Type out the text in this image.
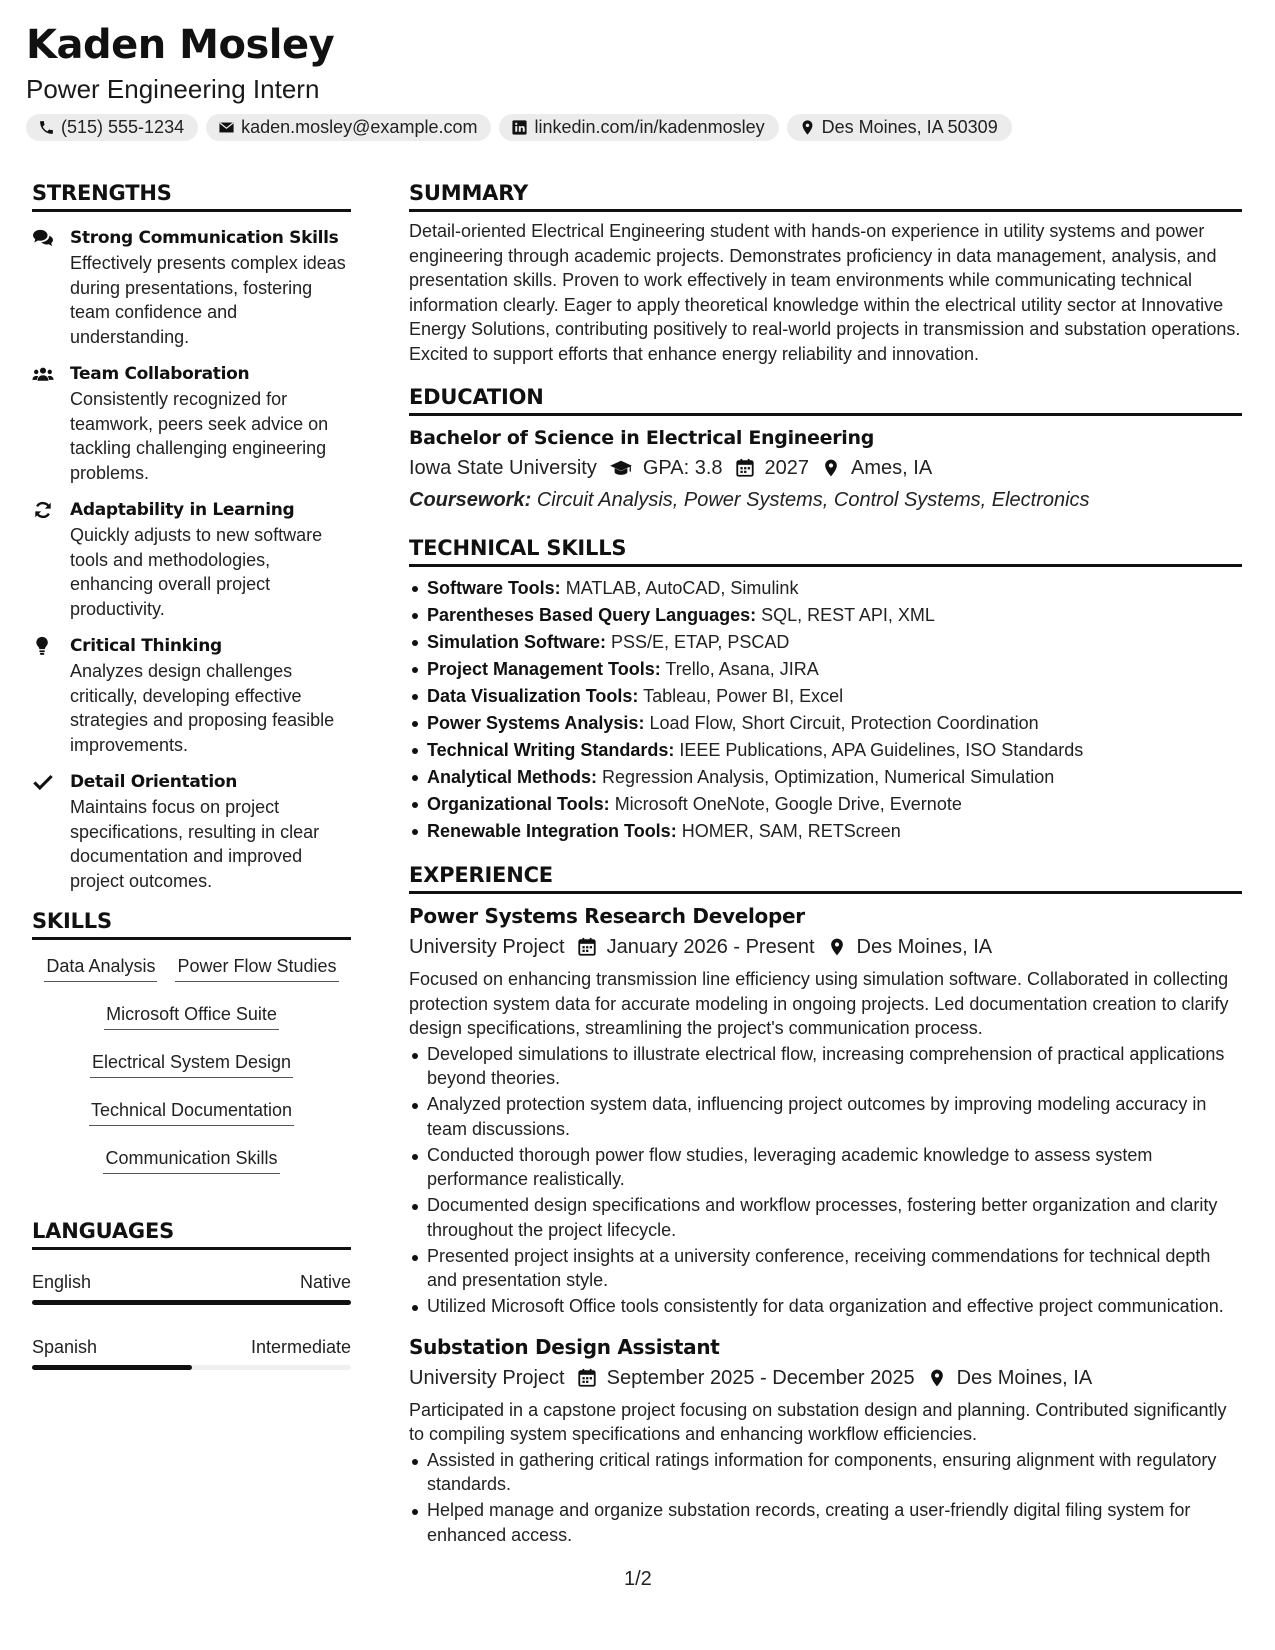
Kaden Mosley
Power Engineering Intern
(515) 555-1234	kaden.mosley@example.com	linkedin.com/in/kadenmosley	Des Moines, IA 50309
STRENGTHS
Strong Communication Skills
Effectively presents complex ideas during presentations, fostering team confidence and understanding.
Team Collaboration
Consistently recognized for teamwork, peers seek advice on tackling challenging engineering problems.
Adaptability in Learning
Quickly adjusts to new software tools and methodologies, enhancing overall project productivity.
Critical Thinking
Analyzes design challenges critically, developing effective strategies and proposing feasible improvements.
Detail Orientation
Maintains focus on project specifications, resulting in clear documentation and improved project outcomes.
SKILLS
Data Analysis Power Flow Studies
Microsoft Office Suite
Electrical System Design
Technical Documentation
Communication Skills
LANGUAGES
English	Native
Spanish	Intermediate
SUMMARY
Detail-oriented Electrical Engineering student with hands-on experience in utility systems and power engineering through academic projects. Demonstrates proficiency in data management, analysis, and presentation skills. Proven to work effectively in team environments while communicating technical information clearly. Eager to apply theoretical knowledge within the electrical utility sector at Innovative Energy Solutions, contributing positively to real-world projects in transmission and substation operations. Excited to support efforts that enhance energy reliability and innovation.
EDUCATION
Bachelor of Science in Electrical Engineering
Iowa State University GPA: 3.8 2027 Ames, IA
Coursework: Circuit Analysis, Power Systems, Control Systems, Electronics
TECHNICAL SKILLS
Software Tools: MATLAB, AutoCAD, Simulink
Parentheses Based Query Languages: SQL, REST API, XML
Simulation Software: PSS/E, ETAP, PSCAD
Project Management Tools: Trello, Asana, JIRA
Data Visualization Tools: Tableau, Power BI, Excel
Power Systems Analysis: Load Flow, Short Circuit, Protection Coordination
Technical Writing Standards: IEEE Publications, APA Guidelines, ISO Standards
Analytical Methods: Regression Analysis, Optimization, Numerical Simulation
Organizational Tools: Microsoft OneNote, Google Drive, Evernote
Renewable Integration Tools: HOMER, SAM, RETScreen
EXPERIENCE
Power Systems Research Developer
University Project January 2026 - Present Des Moines, IA
Focused on enhancing transmission line efficiency using simulation software. Collaborated in collecting protection system data for accurate modeling in ongoing projects. Led documentation creation to clarify design specifications, streamlining the project's communication process.
Developed simulations to illustrate electrical flow, increasing comprehension of practical applications beyond theories.
Analyzed protection system data, influencing project outcomes by improving modeling accuracy in team discussions.
Conducted thorough power flow studies, leveraging academic knowledge to assess system performance realistically.
Documented design specifications and workflow processes, fostering better organization and clarity throughout the project lifecycle.
Presented project insights at a university conference, receiving commendations for technical depth and presentation style.
Utilized Microsoft Office tools consistently for data organization and effective project communication.
Substation Design Assistant
University Project September 2025 - December 2025 Des Moines, IA
Participated in a capstone project focusing on substation design and planning. Contributed significantly to compiling system specifications and enhancing workflow efficiencies.
Assisted in gathering critical ratings information for components, ensuring alignment with regulatory standards.
Helped manage and organize substation records, creating a user-friendly digital filing system for enhanced access.
1/2
